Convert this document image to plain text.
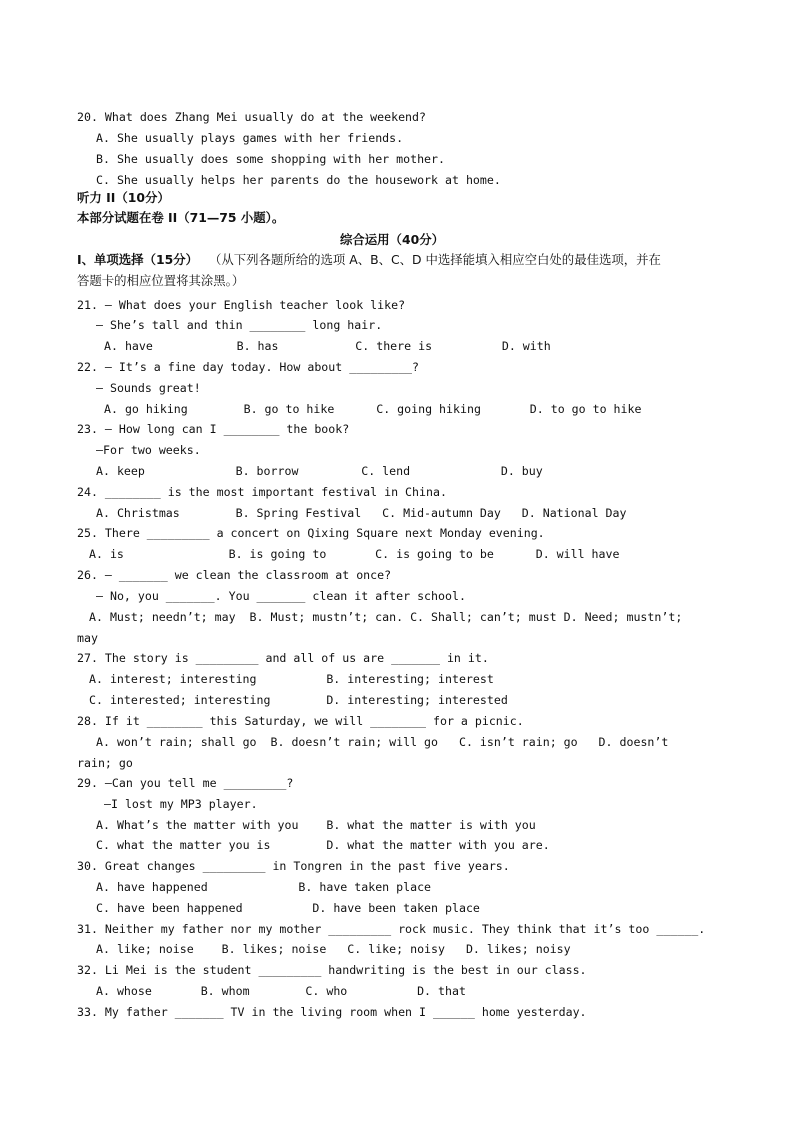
20. What does Zhang Mei usually do at the weekend?
A. She usually plays games with her friends.
B. She usually does some shopping with her mother.
C. She usually helps her parents do the housework at home.
听力 II（10分）
本部分试题在卷 II（71—75 小题）。
综合运用（40分）
I、单项选择（15分） （从下列各题所给的选项 A、B、C、D 中选择能填入相应空白处的最佳选项，并在
答题卡的相应位置将其涂黑。）
21. — What does your English teacher look like?
— She’s tall and thin ________ long hair.
A. have            B. has           C. there is          D. with
22. — It’s a fine day today. How about _________?
— Sounds great!
A. go hiking        B. go to hike      C. going hiking       D. to go to hike
23. — How long can I ________ the book?
—For two weeks.
A. keep             B. borrow         C. lend             D. buy
24. ________ is the most important festival in China.
A. Christmas        B. Spring Festival   C. Mid-autumn Day   D. National Day
25. There _________ a concert on Qixing Square next Monday evening.
A. is               B. is going to       C. is going to be      D. will have
26. — _______ we clean the classroom at once?
— No, you _______. You _______ clean it after school.
A. Must; needn’t; may  B. Must; mustn’t; can. C. Shall; can’t; must D. Need; mustn’t;
may
27. The story is _________ and all of us are _______ in it.
A. interest; interesting          B. interesting; interest
C. interested; interesting        D. interesting; interested
28. If it ________ this Saturday, we will ________ for a picnic.
A. won’t rain; shall go  B. doesn’t rain; will go   C. isn’t rain; go   D. doesn’t
rain; go
29. —Can you tell me _________?
—I lost my MP3 player.
A. What’s the matter with you    B. what the matter is with you
C. what the matter you is        D. what the matter with you are.
30. Great changes _________ in Tongren in the past five years.
A. have happened             B. have taken place
C. have been happened          D. have been taken place
31. Neither my father nor my mother _________ rock music. They think that it’s too ______.
A. like; noise    B. likes; noise   C. like; noisy   D. likes; noisy
32. Li Mei is the student _________ handwriting is the best in our class.
A. whose       B. whom        C. who          D. that
33. My father _______ TV in the living room when I ______ home yesterday.
